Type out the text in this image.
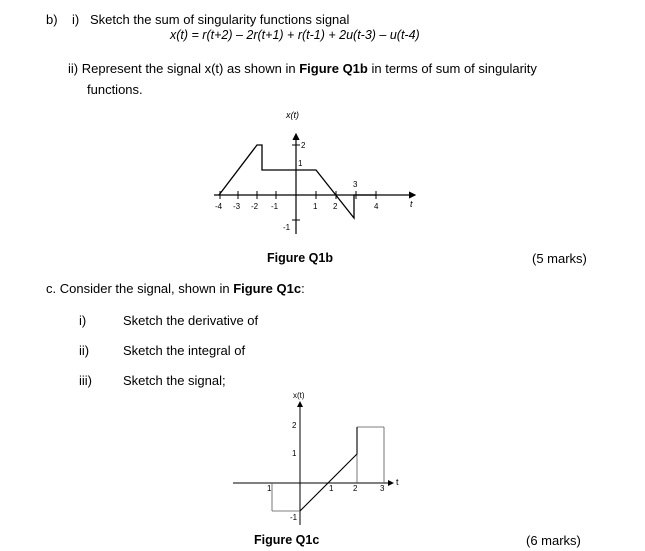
b) i) Sketch the sum of singularity functions signal
x(t) = r(t+2) – 2r(t+1) + r(t-1) + 2u(t-3) – u(t-4)
ii) Represent the signal x(t) as shown in Figure Q1b in terms of sum of singularity
functions.
x(t)
t
-4 -3 -2 -1	1 2	4
2
1
-1
3
Figure Q1b	(5 marks)
c. Consider the signal, shown in Figure Q1c:
i)	Sketch the derivative of
ii)	Sketch the integral of
iii) Sketch the signal;
x(t)
t
2
1
-1
1	1 2	3
Figure Q1c	(6 marks)
